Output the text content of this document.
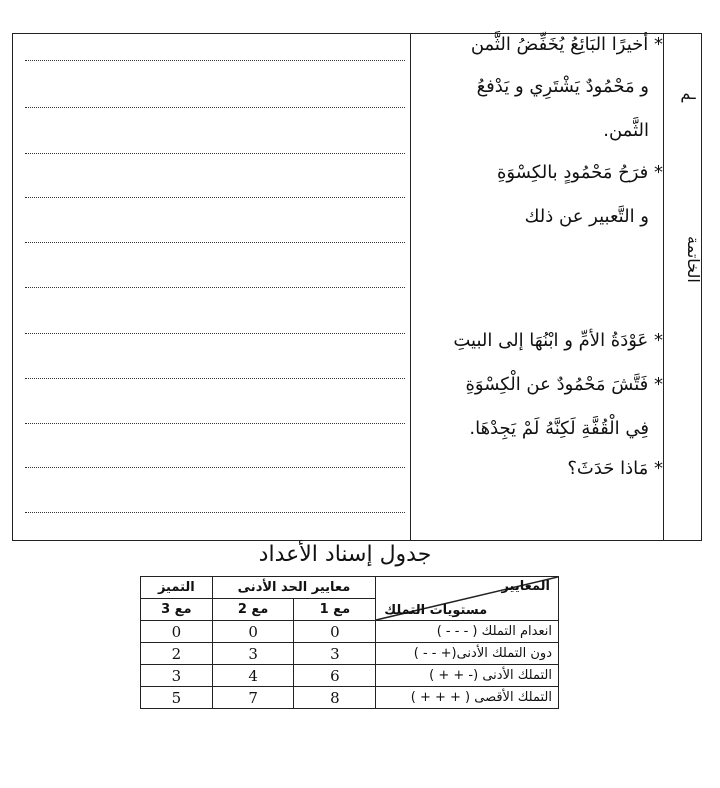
* أخيرًا البَائِعُ يُخَفِّضُ الثَّمن
و مَحْمُودٌ يَشْتَرِي و يَدْفعُ
الثَّمن.
* فرَحُ مَحْمُودٍ بالكِسْوَةِ
و التَّعبير عن ذلك
* عَوْدَةُ الأمِّ و ابْنُهَا إلى البيتِ
* فَتَّشَ مَحْمُودٌ عن الْكِسْوَةِ
فِي الْقُفَّةِ لَكِنَّهُ لَمْ يَجِدْهَا.
* مَاذا حَدَثَ؟
ـم
الخاتمة
جدول إسناد الأعداد
المعايير
مستويات التملك	معايير الحد الأدنى		التميز
	مع 1	مع 2	مع 3
انعدام التملك ( - - - )	0	0	0
دون التملك الأدنى(+ - - )	3	3	2
التملك الأدنى (- + + )	6	4	3
التملك الأقصى ( + + + )	8	7	5
